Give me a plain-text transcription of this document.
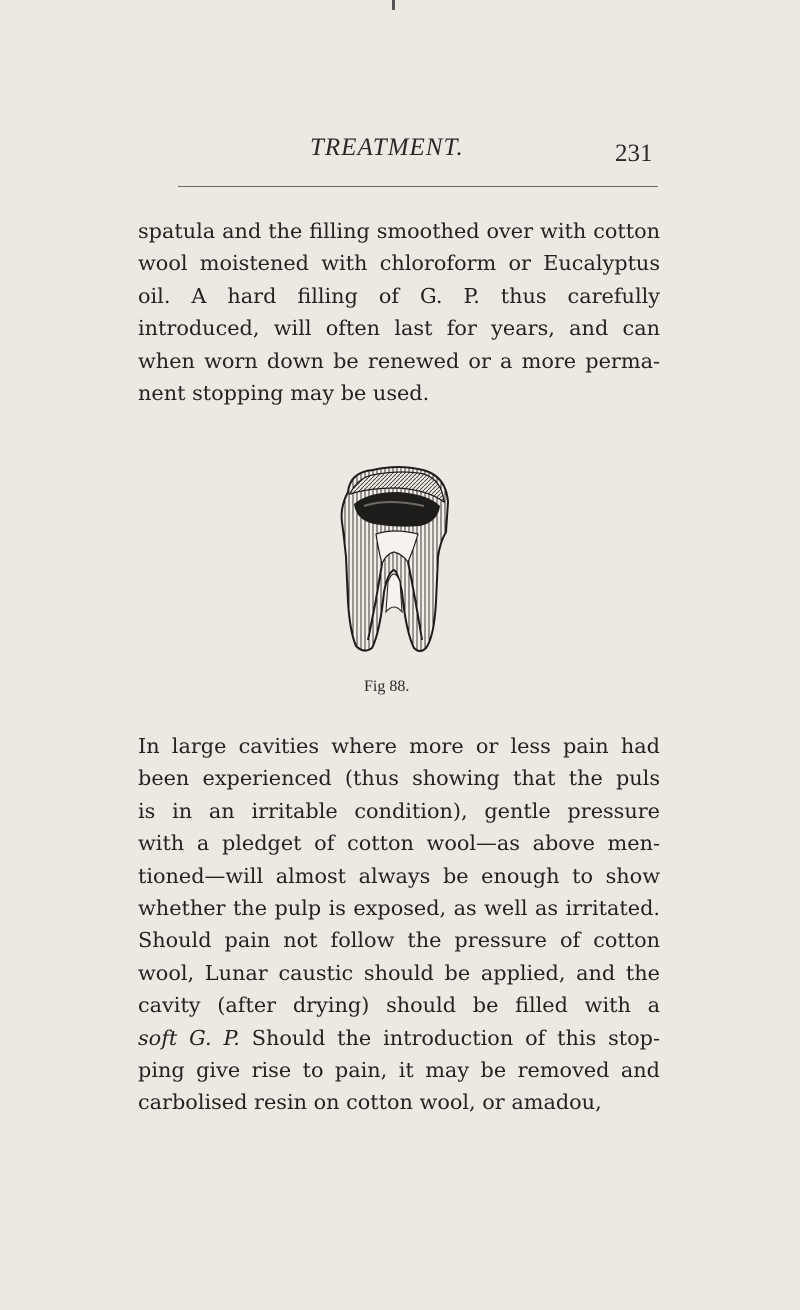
TREATMENT.	231

spatula and the filling smoothed over with cotton
wool moistened with chloroform or Eucalyptus
oil. A hard filling of G. P. thus carefully
introduced, will often last for years, and can
when worn down be renewed or a more perma-
nent stopping may be used.

Fig 88.

In large cavities where more or less pain had
been experienced (thus showing that the puls
is in an irritable condition), gentle pressure
with a pledget of cotton wool—as above men-
tioned—will almost always be enough to show
whether the pulp is exposed, as well as irritated.
Should pain not follow the pressure of cotton
wool, Lunar caustic should be applied, and the
cavity (after drying) should be filled with a
soft G. P. Should the introduction of this stop-
ping give rise to pain, it may be removed and
carbolised resin on cotton wool, or amadou,
